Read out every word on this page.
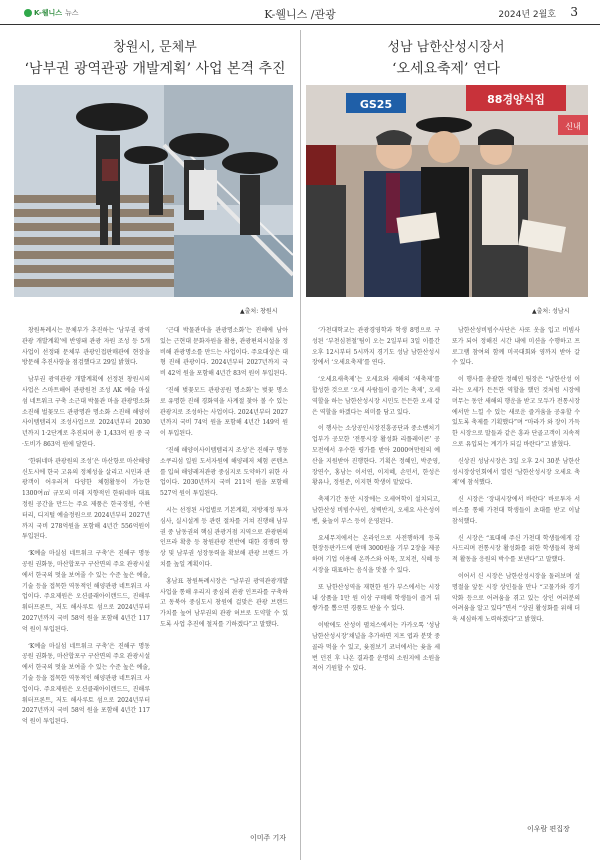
K-웰니스 뉴스	K-웰니스 /관광	2024년 2월호 3
창원시, 문체부
‘남부권 광역관광 개발계획’ 사업 본격 추진
▲출처: 창원시

창원특례시는 문체부가 추진하는 ‘남부권 광역관광 개발계획’에 반영돼 관광 자원 조성 등 5개 사업이 선정돼 문체부 관광인접판매관에 현장을 방문해 추진사항을 점검했다고 29일 밝혔다.

남부권 광역관광 개발계획에 선정된 창원시의 사업은 스마트해어 관광원천 조성 AK 예술 마실섬 네트워크 구축 소근대 박물관 마을 관광명소화 소진해 벌꽃모드 관광명관 명소화 스진해 해양이사이템템리지 조성사업으로 2024년부터 2030년까지 1·2단계로 추진되며 총 1,433억 원 중 국·도비가 863억 원에 달한다.

‘한뤄네마 관광원의 조성’은 마산항로 마산해양신도시에 한국 고유의 정체성을 살리고 시민과 관광객이 어우러져 다양한 체험활동이 가능한 1300여㎡ 규모의 미래 지향적인 한뤄네마 대표 정원 공간을 만드는 주요 제품은 한국정원, 수편터리, 디지털 예술정원으로 2024년부터 2027년까지 국비 278억원을 포함해 4년간 556억원이 투입된다.

‘K예술 마실섬 네트워크 구축’은 진해구 명동공원 권화동, 마산합포구 구산면의 주요 관광시설에서 한국의 멋을 보여줄 수 있는 수준 높은 예술, 기술 등을 접목한 역동적인 해양관광 네트워크 사업이다. 주요제원은 오션클래아이랜드드, 진해루 워터프론트, 저도 해사루토 섬으로 2024년부터 2027년까지 국비 58억 원을 포함해 4년간 117억 원이 투입된다.

‘K예술 마실섬 네트워크 구축’은 진해구 명동공원 권화동, 마산합포구 구산면의 주요 관광시설에서 한국의 멋을 보여줄 수 있는 수준 높은 예술, 기술 등을 접목한 역동적인 해양관광 네트워크 사업이다. 주요제원은 오션클래아이랜드드, 진해루 워터프론트, 저도 해사루토 섬으로 2024년부터 2027년까지 국비 58억 원을 포함해 4년간 117억 원이 투입된다.

‘근대 박물관마을 관광명소화’는 진해에 남아 있는 근현대 문화자원을 활용, 관광편의시설을 정비해 관광명소를 만드는 사업이다. 주요대상은 대형 진해 관광이다. 2024년부터 2027년까지 국비 42억 원을 포함해 4년간 83억 원이 투입된다.

‘진해 벚꽃모드 관광공원 명소화’는 벚꽃 명소로 유명한 진해 경화역을 사계절 찾아 볼 수 있는 관광지로 조성하는 사업이다. 2024년부터 2027년까지 국비 74억 원을 포함해 4년간 149억 원이 투입된다.

‘진해 해양이사이템템리지 조성’은 진해구 명동 소쿠리섬 일원 도서자원에 해양레저 체험 콘텐츠를 입혀 해양레저관광 중심지로 도약하기 위한 사업이다. 2030년까지 국비 211억 원을 포함해 527억 원이 투입된다.

시는 선정된 사업별로 기본계획, 지방재정 투자심사, 실시설계 등 관련 절차를 거쳐 진행해 남부권 중 남동권의 핵심 관광거점 지역으로 관광편의 인프라 확충 등 창원관광 전반에 대한 경쟁력 향상 및 남부권 성장동력을 확보해 관광 브랜드 가치를 높일 계획이다.

홍남표 창원특례시장은 “남부권 광역관광개발사업을 통해 우리지 중심의 관광 인프라를 구축하고 동북아 중심도시 창원에 걸맞은 관광 브랜드 가치를 높여 남부권의 관광 허브로 도약할 수 있도록 사업 추진에 철저를 기하겠다”고 말했다.

이미주 기자
성남 남한산성시장서
‘오세요축제’ 연다
GS25	88경양식집
신내
▲출처: 성남시

‘가천대학교는 관광경영학과 학생 8명으로 구성된 ‘부천심천철’팀이 오는 2일부터 3일 이틀간 오후 12시부터 5시까지 경기도 성남 남한산성시장에서 ‘오세요축제’를 연다.

‘오세요새축제’는 오세요와 새해의 ‘새축제’를 합성한 것으로 ‘오세 사람들이 즐기는 축제’, 오세 역할을 하는 남한산성시장 시민도 든든한 오세 같은 역할을 하겠다는 의미를 담고 있다.

이 행사는 소상공인시장진흥공단과 중소벤처기업부가 공모한 ‘전통시장 활성화 리플레이콘’ 공모전에서 우수한 평가를 받아 2000여만원의 예산을 지원받아 진행한다. 기획은 정혜인, 박준영, 장연수, 홍남는 이서연, 이지혜, 손민서, 한성은 황유나, 정원준, 이지현 학생이 맡았다.

축제기간 동안 시장에는 오세여학이 설치되고, 남한산성 비빔수사인, 성벽반지, 오세요 사은성이벤, 윷놀이 부스 등이 운영된다.

요세무지에서는 온라인으로 사전행하게 등록 현장등판카드에 판매 3000원을 기부 2장을 제공하며 기업 이용해 온까스와 어묵, 꼬치전, 식혜 등 시장을 대표하는 음식을 맛볼 수 있다.

또 남한산성역을 재현한 원가 부스에서는 시장 내 상품을 1만 원 이상 구매해 학생들이 즐겨 뒤 쌓가를 뽑으면 경품도 받을 수 있다.

이밖에도 산성이 펼쳐스에서는 카카오톡 ‘성남남한산성시장’채널을 추가하면 지프 엽과 분맛 중 골라 먹을 수 있고, 윷점보기 코너에서는 윷을 세 번 던진 후 나온 결과를 운명의 소원지에 소원을 적어 기원할 수 있다.

남한산성비빔수사단은 사또 옷을 입고 비빔사또가 되어 정해진 시간 내에 미션을 수행하고 프로그램 참여의 함께 미곡대회와 영까지 받아 갈 수 있다.

이 행사를 총괄한 정혜인 팀장은 “남한산성 이라는 오세가 든든한 역할을 했던 것처럼 시장에 머무는 동안 새해의 행운을 받고 모두가 전통시장에서만 느낄 수 있는 새로운 즐거움을 공유할 수 있도록 축제를 기획했다”며 “마라가 와 장이 가득한 시장으로 말들과 같은 흥과 단골고객이 지속적으로 유입되는 계기가 되길 바란다”고 밝혔다.

신상진 성남시장은 3일 오후 2시 30분 남한산성시장상인회에서 열린 ‘남한산성시장 오세요 축제’에 참석했다.

신 시장은 ‘장내시장에서 바란다’ 바로투자 서비스를 통해 가천대 학생들이 초대를 받고 이날 참석했다.

신 시장은 “표대해 주신 가천대 학생들에게 감사드리며 전통시장 활성화를 위한 학생들의 창의적 활동을 응원의 박수를 보낸다”고 말했다.

이어서 신 시장은 남한산성시장을 돌러보며 설 명절을 앞둔 시장 상인들을 만나 “고물가와 경기 악화 등으로 어려움을 겪고 있는 상인 여러분의 어려움을 알고 있다”면서 “상권 활성화를 위해 더욱 세심하게 노력하겠다”고 밝혔다.

이우람 편집장
